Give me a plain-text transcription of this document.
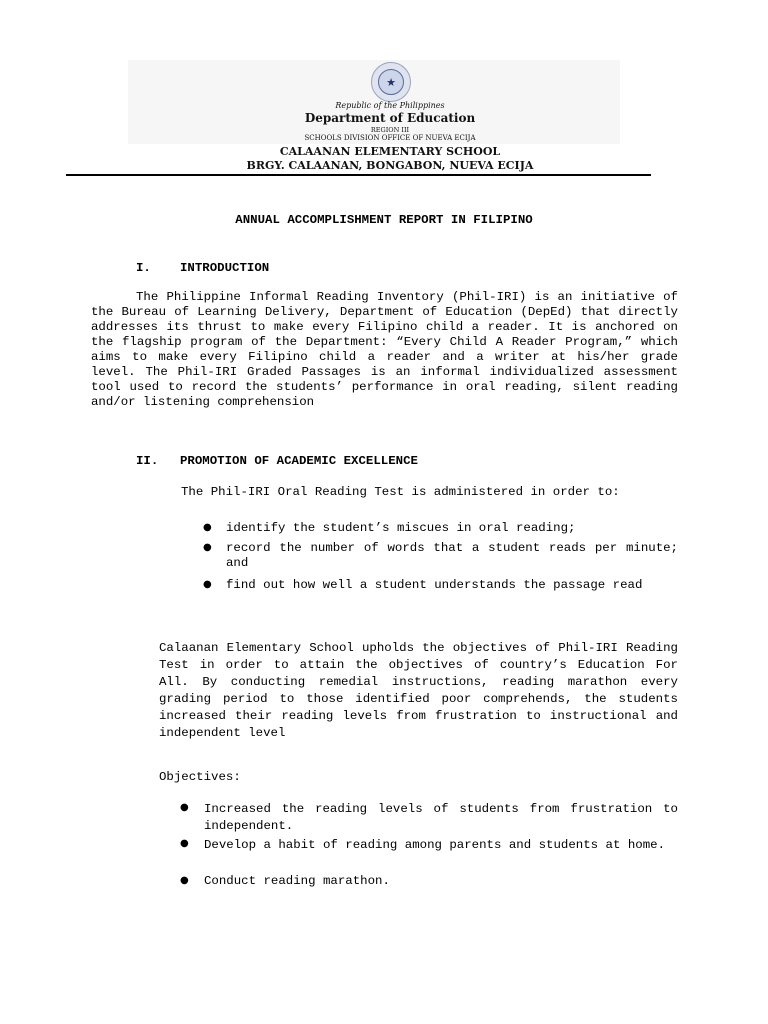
★
Republic of the Philippines
Department of Education
REGION III
SCHOOLS DIVISION OFFICE OF NUEVA ECIJA
CALAANAN ELEMENTARY SCHOOL
BRGY. CALAANAN, BONGABON, NUEVA ECIJA
ANNUAL ACCOMPLISHMENT REPORT IN FILIPINO
I. INTRODUCTION
The Philippine Informal Reading Inventory (Phil-IRI) is an initiative of the Bureau of Learning Delivery, Department of Education (DepEd) that directly addresses its thrust to make every Filipino child a reader. It is anchored on the flagship program of the Department: “Every Child A Reader Program,” which aims to make every Filipino child a reader and a writer at his/her grade level. The Phil-IRI Graded Passages is an informal individualized assessment tool used to record the students’ performance in oral reading, silent reading and/or listening comprehension
II. PROMOTION OF ACADEMIC EXCELLENCE
The Phil-IRI Oral Reading Test is administered in order to:
● identify the student’s miscues in oral reading;
● record the number of words that a student reads per minute; and
● find out how well a student understands the passage read
Calaanan Elementary School upholds the objectives of Phil-IRI Reading Test in order to attain the objectives of country’s Education For All. By conducting remedial instructions, reading marathon every grading period to those identified poor comprehends, the students increased their reading levels from frustration to instructional and independent level
Objectives:
● Increased the reading levels of students from frustration to independent.
● Develop a habit of reading among parents and students at home.
● Conduct reading marathon.
